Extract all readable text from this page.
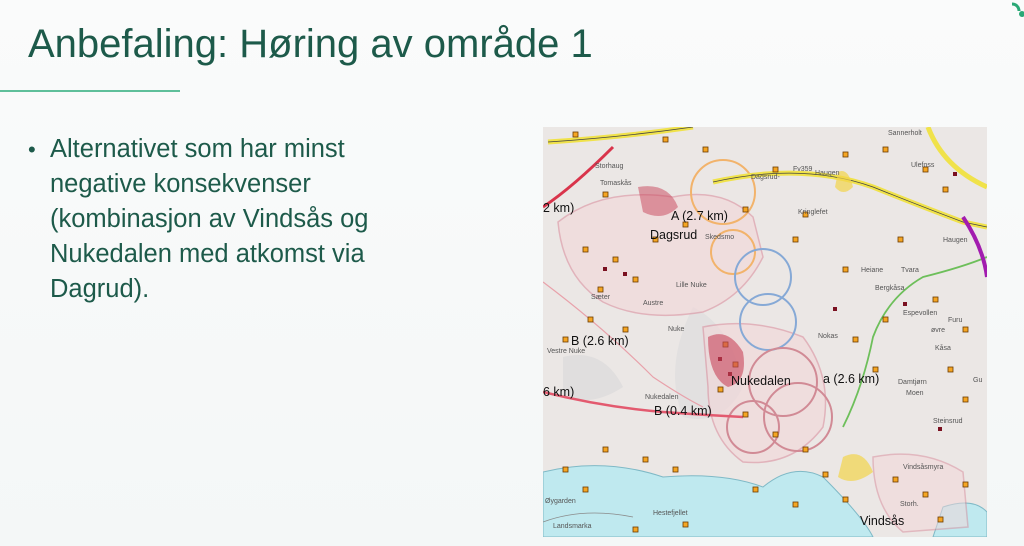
Anbefaling: Høring av område 1
• Alternativet som har minst
negative konsekvenser
(kombinasjon av Vindsås og
Nukedalen med atkomst via
Dagrud).
A (2.7 km)
Dagsrud
B (2.6 km)
Nukedalen	a (2.6 km)
B (0.4 km)
2 km)
6 km)
Vindsås
Fv359
Sannerholt
Haugen
Kringlefet
Storhaug
Tomaskås
Dagsrud-
Skedsmo
Lille Nuke
Austre
Nuke
Sæter
Vestre Nuke
Nokas
Heiane	Tvara
Bergkåsa
Espevollen
øvre
Kåsa
Damtjørn
Moen
Steinsrud
Nukedalen
Vindsåsmyra
Storh.
Øygarden
Landsmarka
Hestefjellet
Ulefoss
Furu
Gu
Haugen
